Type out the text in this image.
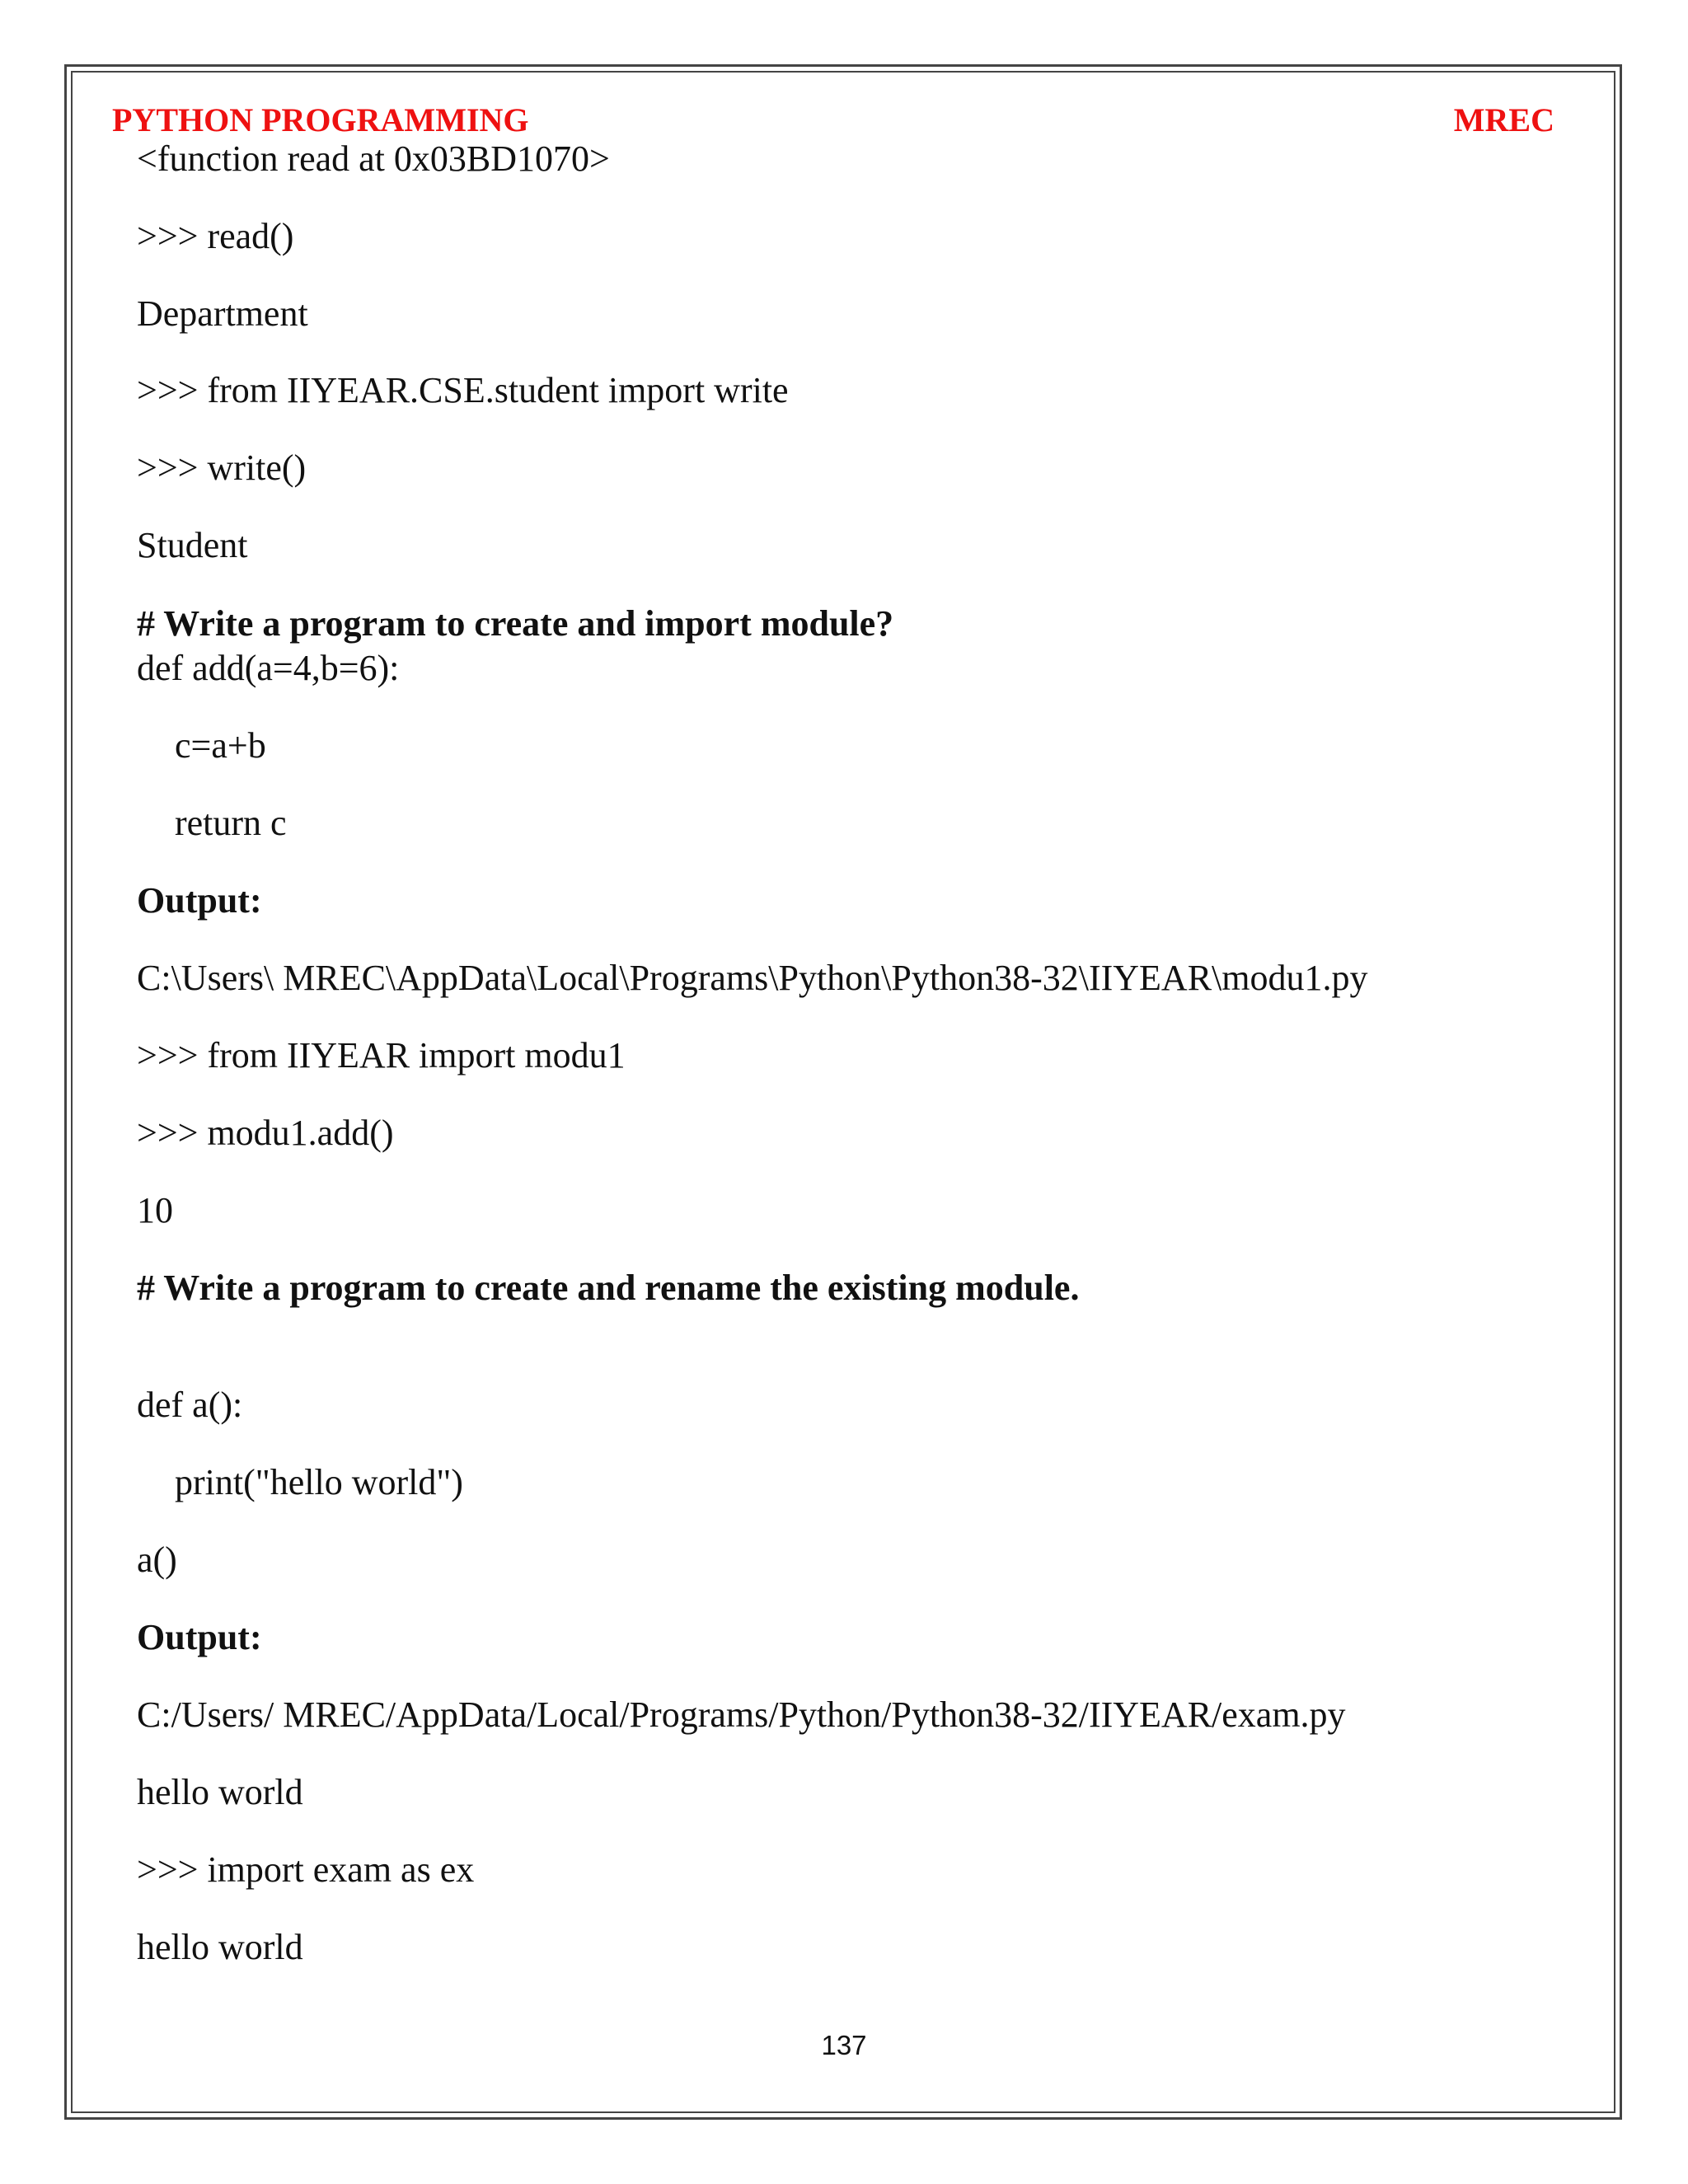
PYTHON PROGRAMMING	MREC
<function read at 0x03BD1070>
>>> read()
Department
>>> from IIYEAR.CSE.student import write
>>> write()
Student
# Write a program to create and import module?
def add(a=4,b=6):
c=a+b
return c
Output:
C:\Users\ MREC\AppData\Local\Programs\Python\Python38-32\IIYEAR\modu1.py
>>> from IIYEAR import modu1
>>> modu1.add()
10
# Write a program to create and rename the existing module.
def a():
print("hello world")
a()
Output:
C:/Users/ MREC/AppData/Local/Programs/Python/Python38-32/IIYEAR/exam.py
hello world
>>> import exam as ex
hello world
137
